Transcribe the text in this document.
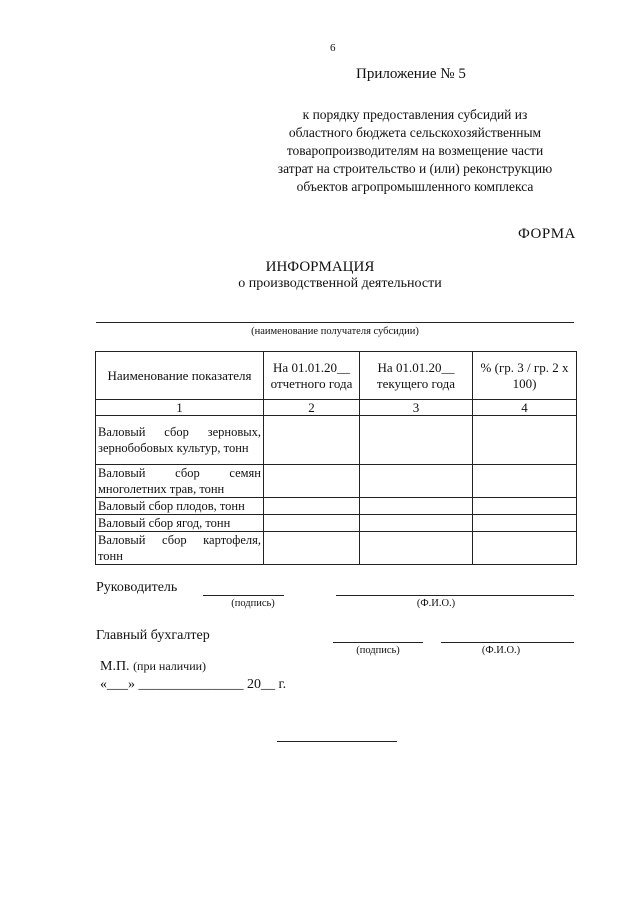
6
Приложение № 5
к порядку предоставления субсидий из
областного бюджета сельскохозяйственным
товаропроизводителям на возмещение части
затрат на строительство и (или) реконструкцию
объектов агропромышленного комплекса
ФОРМА
ИНФОРМАЦИЯ
о производственной деятельности
(наименование получателя субсидии)
Наименование показателя	На 01.01.20__ отчетного года	На 01.01.20__ текущего года	% (гр. 3 / гр. 2 х 100)
1	2	3	4
Валовый сбор зерновых, зернобобовых культур, тонн			
Валовый сбор семян многолетних трав, тонн			
Валовый сбор плодов, тонн			
Валовый сбор ягод, тонн			
Валовый сбор картофеля, тонн			
Руководитель
(подпись)	(Ф.И.О.)
Главный бухгалтер
(подпись)	(Ф.И.О.)
М.П. (при наличии)
«___» _______________ 20__ г.
